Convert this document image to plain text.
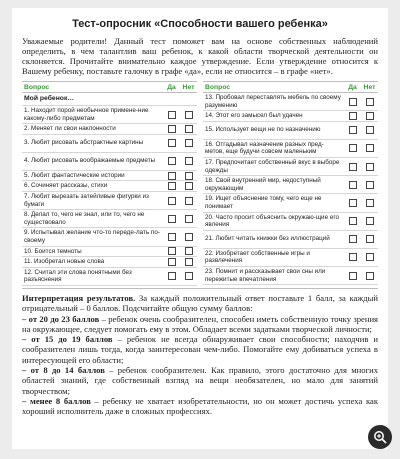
Тест-опросник «Способности вашего ребенка»

Уважаемые родители! Данный тест поможет вам на основе собственных наблюдений определить, в чем талантлив ваш ребенок, к какой области творческой деятельности он склоняется. Прочитайте внимательно каждое утверждение. Если утверждение относится к Вашему ребенку, поставьте галочку в графе «да», если не относится – в графе «нет».

Вопрос	Да Нет
Мой ребенок…
1. Находит порой необычное примене-ние какому-либо предметам
2. Меняет ли свои наклонности
3. Любит рисовать абстрактные картины
4. Любит рисовать воображаемые предметы
5. Любит фантастические истории
6. Сочиняет рассказы, стихи
7. Любит вырезать затейливые фигурки из бумаги
8. Делал то, чего не знал, или то, чего не существовало
9. Испытывал желание что-то переде-лать по-своему
10. Боится темноты
11. Изобретал новые слова
12. Считал эти слова понятными без разъяснения
Вопрос	Да Нет
13. Пробовал переставлять мебель по своему разумению
14. Этот его замысел был удачен
15. Использует вещи не по назначению
16. Отгадывал назначение разных пред-метов, еще будучи совсем маленьким
17. Предпочитает собственный вкус в выборе одежды
18. Свой внутренний мир, недоступный окружающим
19. Ищет объяснение тому, чего еще не понимает
20. Часто просит объяснить окружаю-щие его явления
21. Любит читать книжки без иллюстраций
22. Изобретает собственные игры и развлечения
23. Помнит и рассказывает свои сны или пережитые впечатления

Интерпретация результатов. За каждый положительный ответ поставьте 1 балл, за каждый отрицательный – 0 баллов. Подсчитайте общую сумму баллов:

– от 20 до 23 баллов – ребенок очень сообразителен, способен иметь собственную точку зрения на окружающее, следует помогать ему в этом. Обладает всеми задатками творческой личности;

– от 15 до 19 баллов – ребенок не всегда обнаруживает свои способности; находчив и сообразителен лишь тогда, когда заинтересован чем-либо. Помогайте ему добиваться успеха в интересующей его области;

– от 8 до 14 баллов – ребенок сообразителен. Как правило, этого достаточно для многих областей знаний, где собственный взгляд на вещи необязателен, но мало для занятий творчеством;

– менее 8 баллов – ребенку не хватает изобретательности, но он может достичь успеха как хороший исполнитель даже в сложных профессиях.
